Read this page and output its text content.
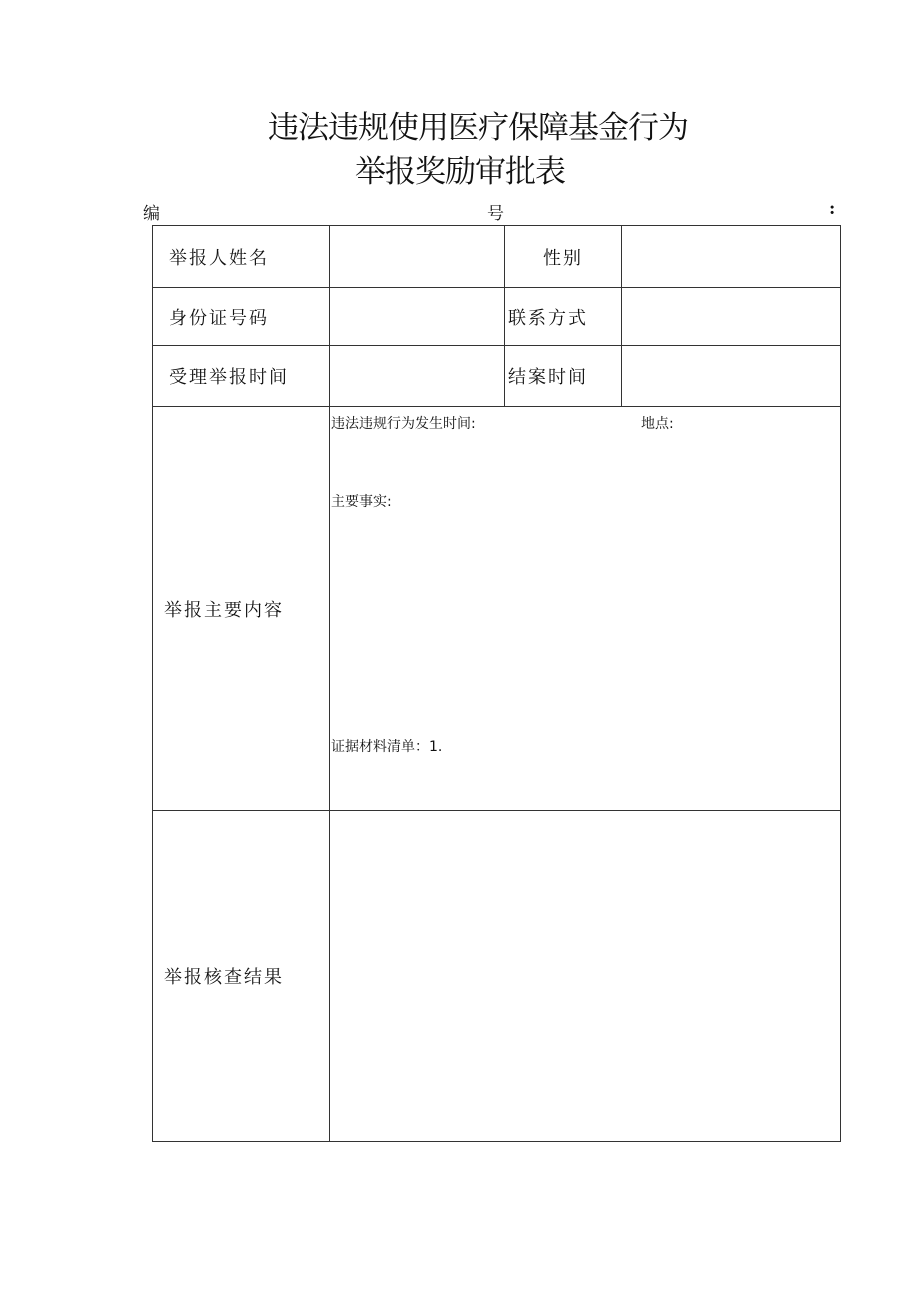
违法违规使用医疗保障基金行为
举报奖励审批表
编	号	:
举报人姓名		性别	
身份证号码		联系方式	
受理举报时间		结案时间	
举报主要内容	违法违规行为发生时间: 地点:
主要事实:
证据材料清单：1.		

举报核查结果			
